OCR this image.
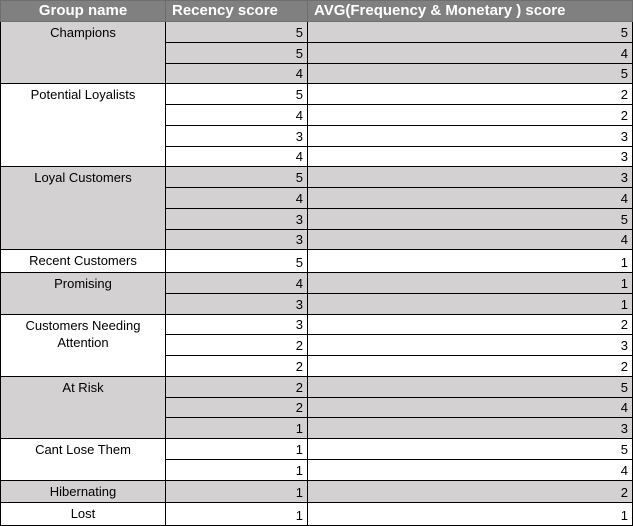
Group name	Recency score	AVG(Frequency & Monetary ) score
Champions	5	5
	5	4
	4	5
Potential Loyalists	5	2
	4	2
	3	3
	4	3
Loyal Customers	5	3
	4	4
	3	5
	3	4
Recent Customers	5	1
Promising	4	1
	3	1
Customers Needing Attention	3	2
	2	3
	2	2
At Risk	2	5
	2	4
	1	3
Cant Lose Them	1	5
	1	4
Hibernating	1	2
Lost	1	1
